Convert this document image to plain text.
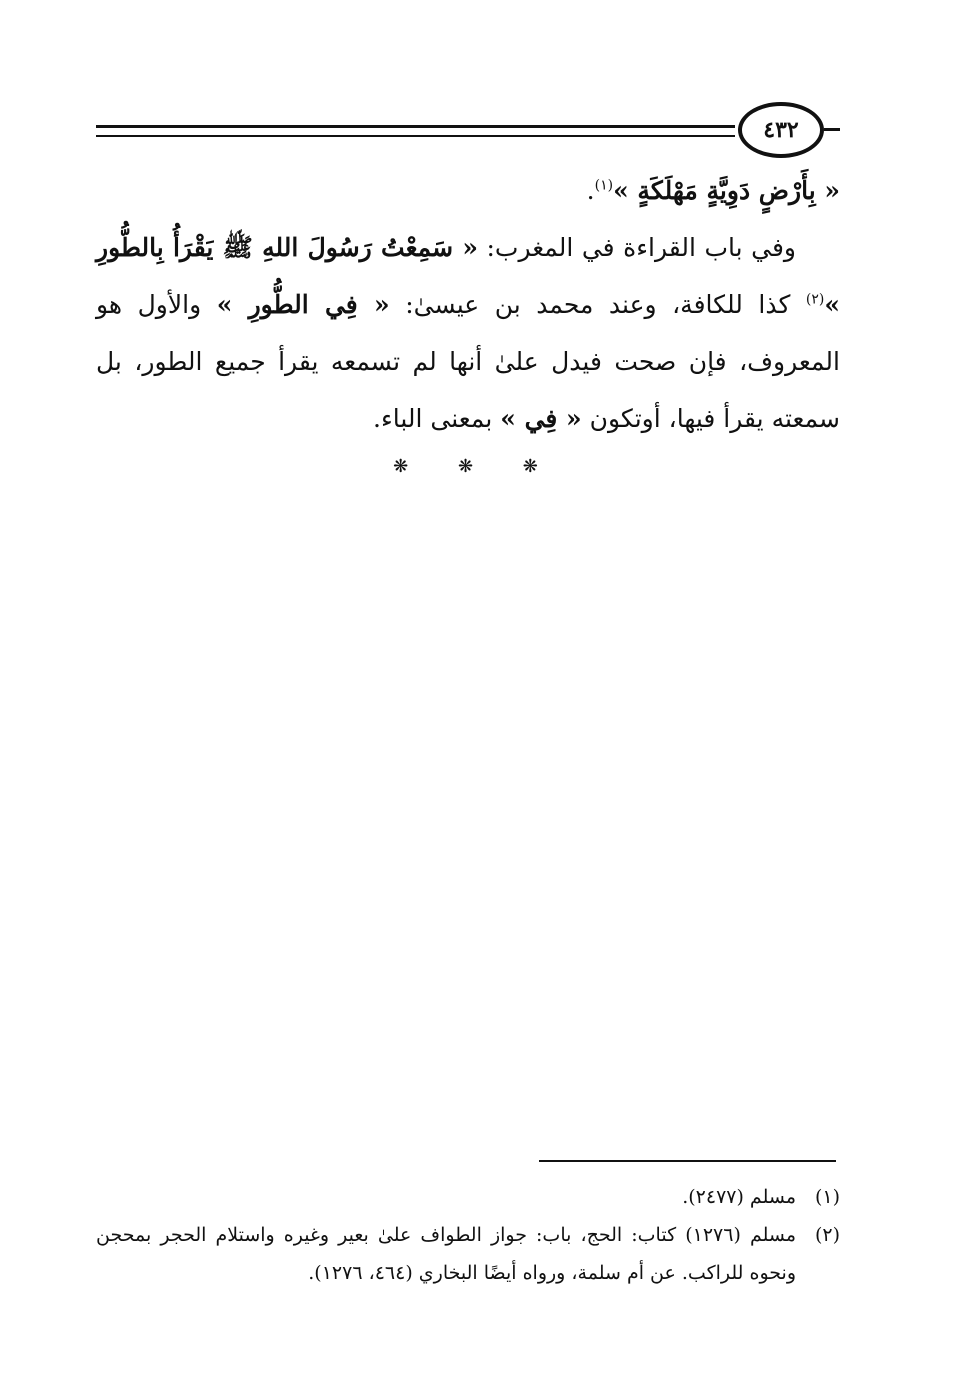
٤٣٢

« بِأَرْضٍ دَوِيَّةٍ مَهْلَكَةٍ »$^{(١)}$.

وفي باب القراءة في المغرب: « سَمِعْتُ رَسُولَ اللهِ ﷺ يَقْرَأُ بِالطُّورِ »$^{(٢)}$ كذا للكافة، وعند محمد بن عيسىٰ: « فِي الطُّورِ » والأول هو المعروف، فإن صحت فيدل علىٰ أنها لم تسمعه يقرأ جميع الطور، بل سمعته يقرأ فيها، أوتكون « فِي » بمعنى الباء.

❋ ❋ ❋
(١)
مسلم (٢٤٧٧).
(٢)
مسلم (١٢٧٦) كتاب: الحج، باب: جواز الطواف علىٰ بعير وغيره واستلام الحجر بمحجن ونحوه للراكب. عن أم سلمة، ورواه أيضًا البخاري (٤٦٤، ١٢٧٦).
